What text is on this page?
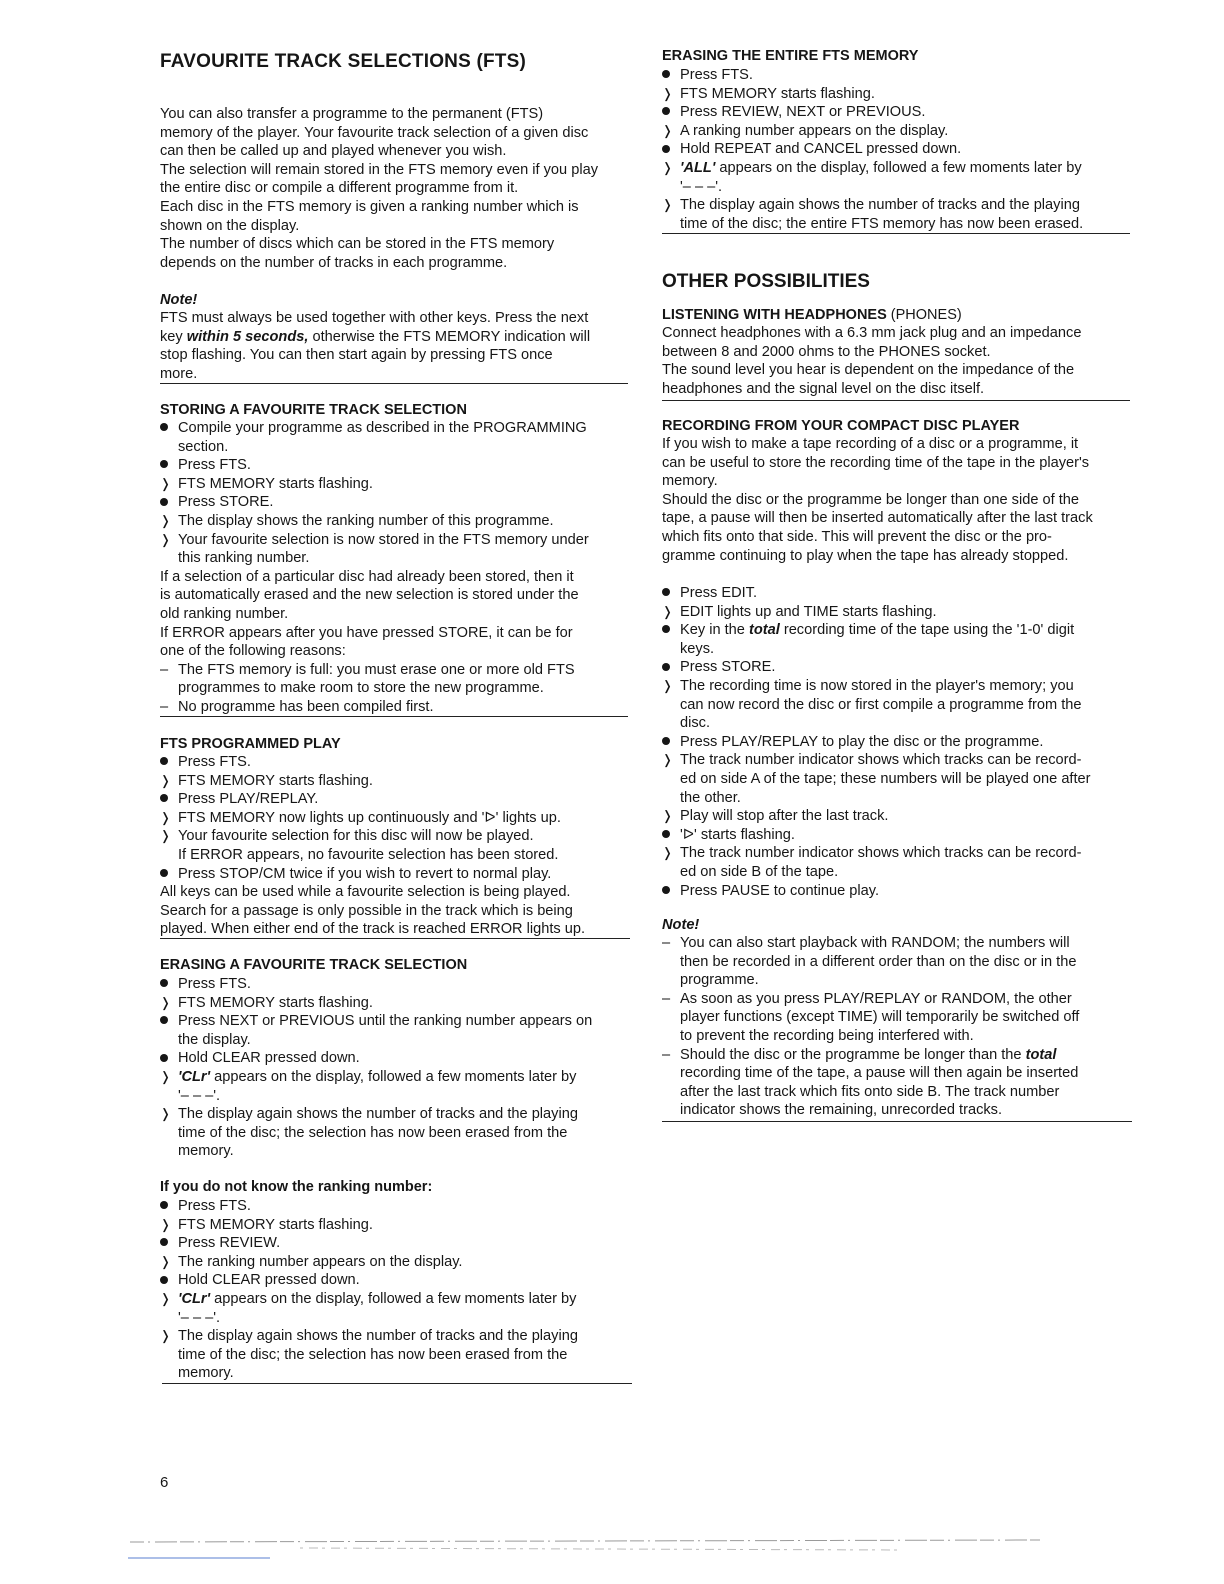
FAVOURITE TRACK SELECTIONS (FTS)
You can also transfer a programme to the permanent (FTS)
memory of the player. Your favourite track selection of a given disc
can then be called up and played whenever you wish.
The selection will remain stored in the FTS memory even if you play
the entire disc or compile a different programme from it.
Each disc in the FTS memory is given a ranking number which is
shown on the display.
The number of discs which can be stored in the FTS memory
depends on the number of tracks in each programme.
Note!
FTS must always be used together with other keys. Press the next
key within 5 seconds, otherwise the FTS MEMORY indication will
stop flashing. You can then start again by pressing FTS once
more.
STORING A FAVOURITE TRACK SELECTION
Compile your programme as described in the PROGRAMMING
section.
Press FTS.
❭ FTS MEMORY starts flashing.
Press STORE.
❭ The display shows the ranking number of this programme.
❭ Your favourite selection is now stored in the FTS memory under
this ranking number.
If a selection of a particular disc had already been stored, then it
is automatically erased and the new selection is stored under the
old ranking number.
If ERROR appears after you have pressed STORE, it can be for
one of the following reasons:
– The FTS memory is full: you must erase one or more old FTS
programmes to make room to store the new programme.
– No programme has been compiled first.
FTS PROGRAMMED PLAY
Press FTS.
❭ FTS MEMORY starts flashing.
Press PLAY/REPLAY.
❭ FTS MEMORY now lights up continuously and 'ᐅ' lights up.
❭ Your favourite selection for this disc will now be played.
If ERROR appears, no favourite selection has been stored.
Press STOP/CM twice if you wish to revert to normal play.
All keys can be used while a favourite selection is being played.
Search for a passage is only possible in the track which is being
played. When either end of the track is reached ERROR lights up.
ERASING A FAVOURITE TRACK SELECTION
Press FTS.
❭ FTS MEMORY starts flashing.
Press NEXT or PREVIOUS until the ranking number appears on
the display.
Hold CLEAR pressed down.
❭ 'CLr' appears on the display, followed a few moments later by
'– – –'.
❭ The display again shows the number of tracks and the playing
time of the disc; the selection has now been erased from the
memory.
If you do not know the ranking number:
Press FTS.
❭ FTS MEMORY starts flashing.
Press REVIEW.
❭ The ranking number appears on the display.
Hold CLEAR pressed down.
❭ 'CLr' appears on the display, followed a few moments later by
'– – –'.
❭ The display again shows the number of tracks and the playing
time of the disc; the selection has now been erased from the
memory.
ERASING THE ENTIRE FTS MEMORY
Press FTS.
❭ FTS MEMORY starts flashing.
Press REVIEW, NEXT or PREVIOUS.
❭ A ranking number appears on the display.
Hold REPEAT and CANCEL pressed down.
❭ 'ALL' appears on the display, followed a few moments later by
'– – –'.
❭ The display again shows the number of tracks and the playing
time of the disc; the entire FTS memory has now been erased.
OTHER POSSIBILITIES
LISTENING WITH HEADPHONES (PHONES)
Connect headphones with a 6.3 mm jack plug and an impedance
between 8 and 2000 ohms to the PHONES socket.
The sound level you hear is dependent on the impedance of the
headphones and the signal level on the disc itself.
RECORDING FROM YOUR COMPACT DISC PLAYER
If you wish to make a tape recording of a disc or a programme, it
can be useful to store the recording time of the tape in the player's
memory.
Should the disc or the programme be longer than one side of the
tape, a pause will then be inserted automatically after the last track
which fits onto that side. This will prevent the disc or the pro-
gramme continuing to play when the tape has already stopped.
Press EDIT.
❭ EDIT lights up and TIME starts flashing.
Key in the total recording time of the tape using the '1-0' digit
keys.
Press STORE.
❭ The recording time is now stored in the player's memory; you
can now record the disc or first compile a programme from the
disc.
Press PLAY/REPLAY to play the disc or the programme.
❭ The track number indicator shows which tracks can be record-
ed on side A of the tape; these numbers will be played one after
the other.
❭ Play will stop after the last track.
'ᐅ' starts flashing.
❭ The track number indicator shows which tracks can be record-
ed on side B of the tape.
Press PAUSE to continue play.
Note!
– You can also start playback with RANDOM; the numbers will
then be recorded in a different order than on the disc or in the
programme.
– As soon as you press PLAY/REPLAY or RANDOM, the other
player functions (except TIME) will temporarily be switched off
to prevent the recording being interfered with.
– Should the disc or the programme be longer than the total
recording time of the tape, a pause will then again be inserted
after the last track which fits onto side B. The track number
indicator shows the remaining, unrecorded tracks.
6
